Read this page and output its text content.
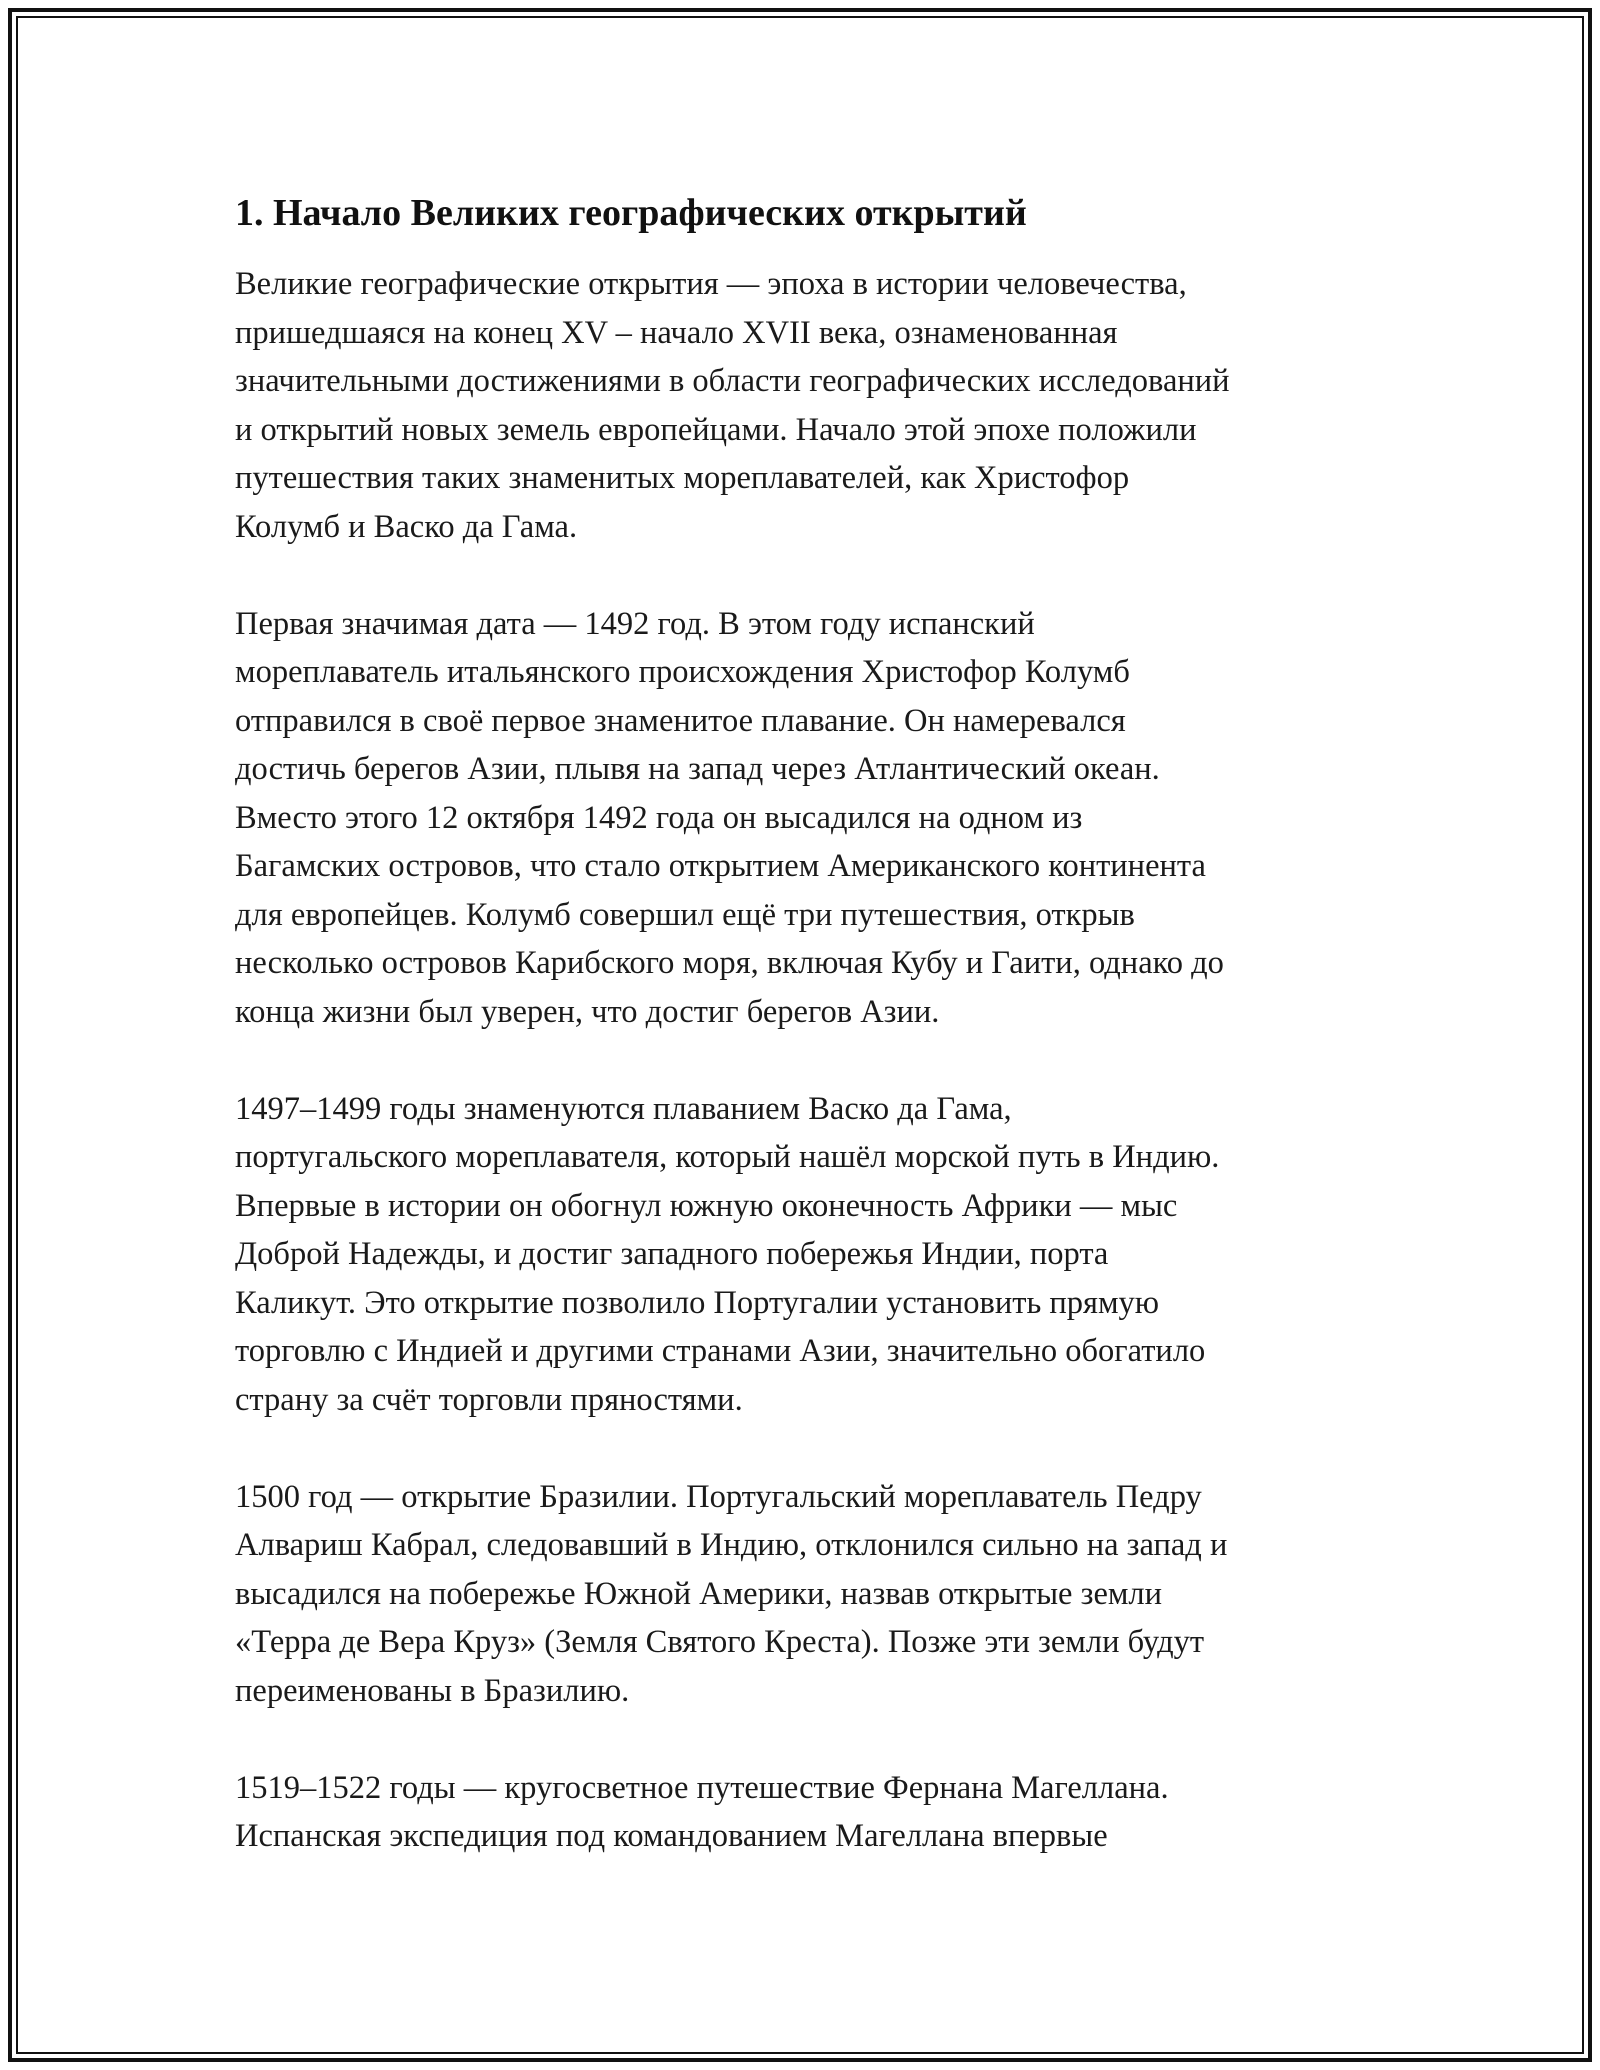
1. Начало Великих географических открытий

Великие географические открытия — эпоха в истории человечества,
пришедшаяся на конец XV – начало XVII века, ознаменованная
значительными достижениями в области географических исследований
и открытий новых земель европейцами. Начало этой эпохе положили
путешествия таких знаменитых мореплавателей, как Христофор
Колумб и Васко да Гама.

Первая значимая дата — 1492 год. В этом году испанский
мореплаватель итальянского происхождения Христофор Колумб
отправился в своё первое знаменитое плавание. Он намеревался
достичь берегов Азии, плывя на запад через Атлантический океан.
Вместо этого 12 октября 1492 года он высадился на одном из
Багамских островов, что стало открытием Американского континента
для европейцев. Колумб совершил ещё три путешествия, открыв
несколько островов Карибского моря, включая Кубу и Гаити, однако до
конца жизни был уверен, что достиг берегов Азии.

1497–1499 годы знаменуются плаванием Васко да Гама,
португальского мореплавателя, который нашёл морской путь в Индию.
Впервые в истории он обогнул южную оконечность Африки — мыс
Доброй Надежды, и достиг западного побережья Индии, порта
Каликут. Это открытие позволило Португалии установить прямую
торговлю с Индией и другими странами Азии, значительно обогатило
страну за счёт торговли пряностями.

1500 год — открытие Бразилии. Португальский мореплаватель Педру
Алвариш Кабрал, следовавший в Индию, отклонился сильно на запад и
высадился на побережье Южной Америки, назвав открытые земли
«Терра де Вера Круз» (Земля Святого Креста). Позже эти земли будут
переименованы в Бразилию.

1519–1522 годы — кругосветное путешествие Фернана Магеллана.
Испанская экспедиция под командованием Магеллана впервые
